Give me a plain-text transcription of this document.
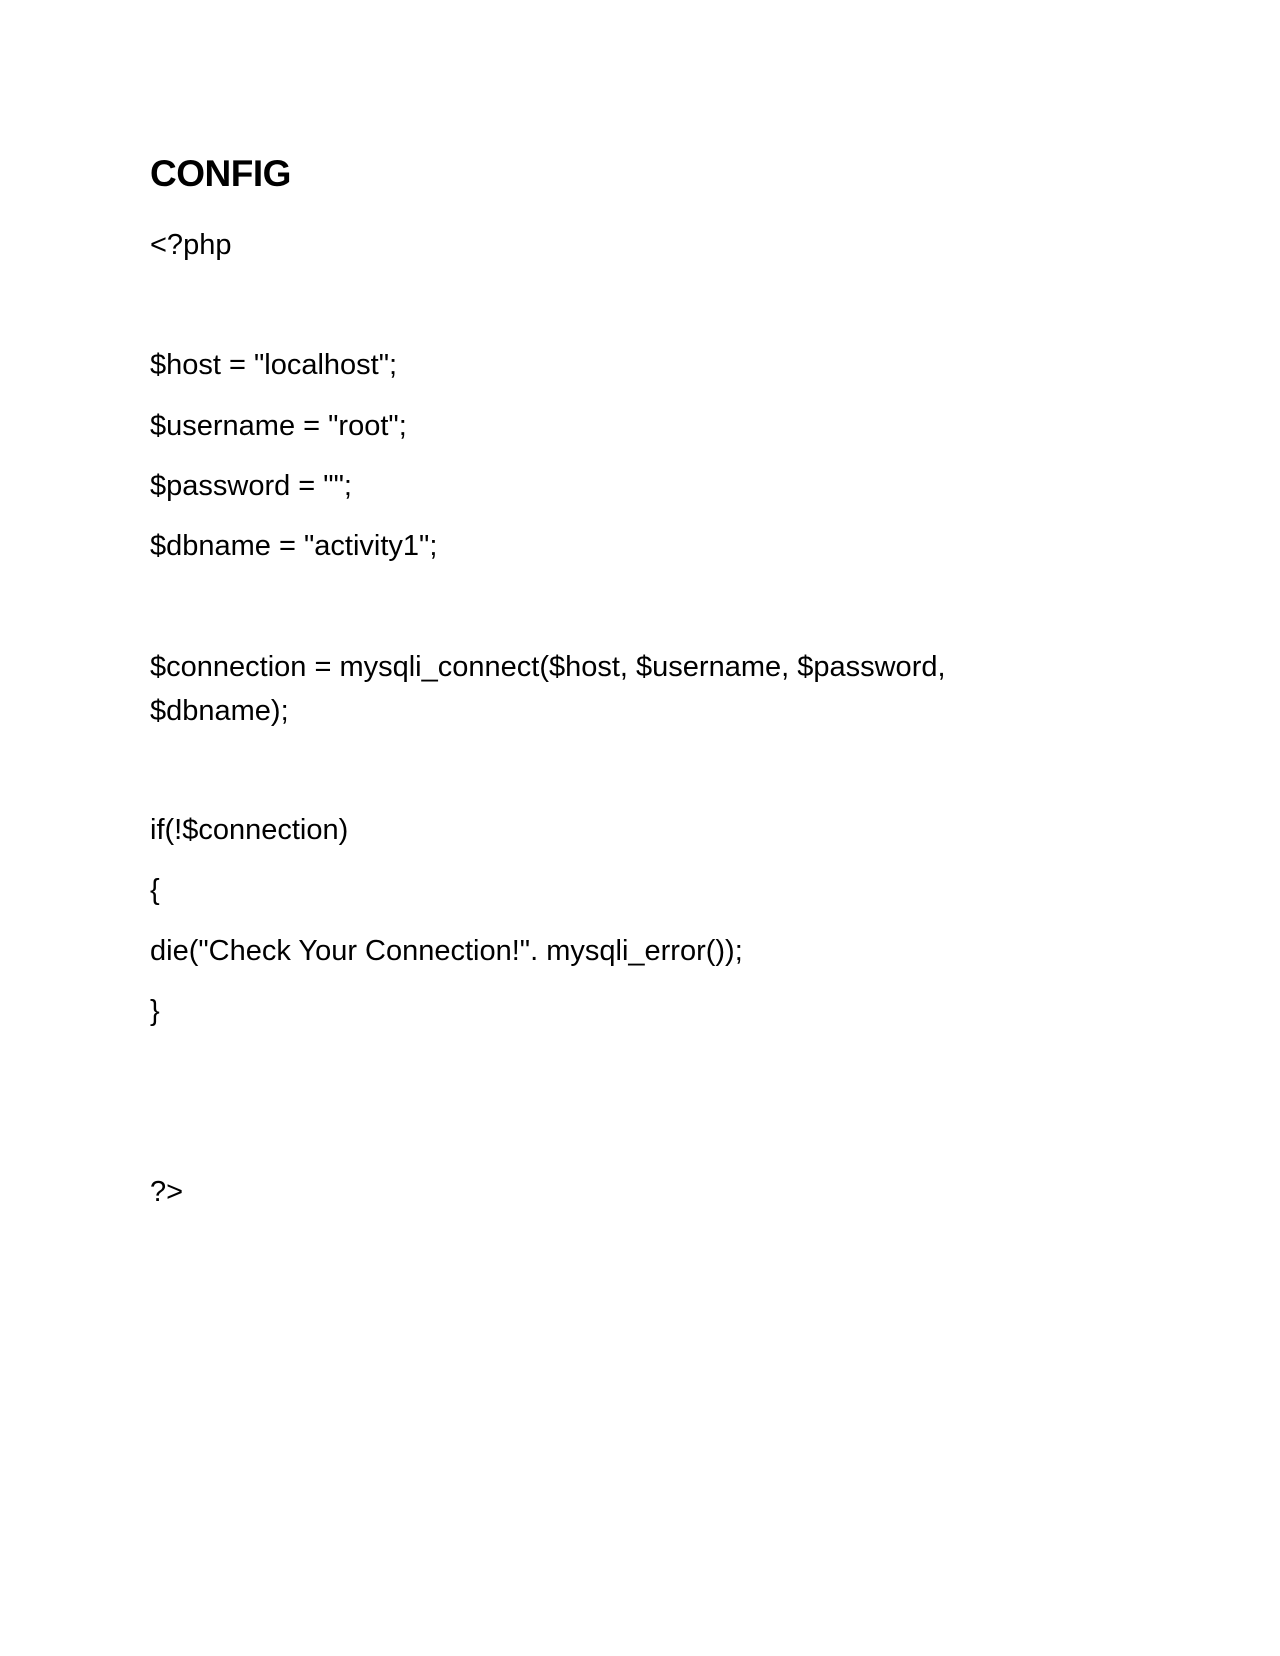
CONFIG

<?php

$host = "localhost";

$username = "root";

$password = "";

$dbname = "activity1";

$connection = mysqli_connect($host, $username, $password,

$dbname);

if(!$connection)

{

die("Check Your Connection!". mysqli_error());

}

?>
